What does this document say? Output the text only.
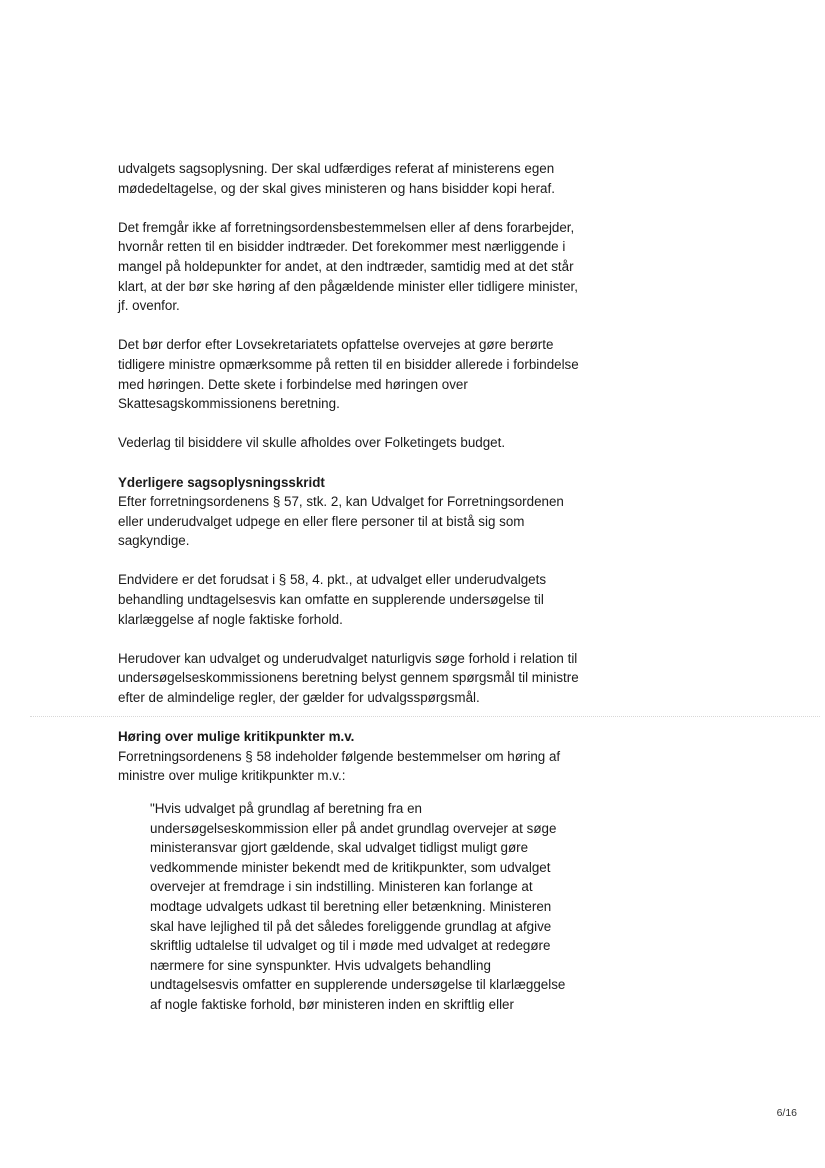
udvalgets sagsoplysning. Der skal udfærdiges referat af ministerens egen
mødedeltagelse, og der skal gives ministeren og hans bisidder kopi heraf.

Det fremgår ikke af forretningsordensbestemmelsen eller af dens forarbejder,
hvornår retten til en bisidder indtræder. Det forekommer mest nærliggende i
mangel på holdepunkter for andet, at den indtræder, samtidig med at det står
klart, at der bør ske høring af den pågældende minister eller tidligere minister,
jf. ovenfor.

Det bør derfor efter Lovsekretariatets opfattelse overvejes at gøre berørte
tidligere ministre opmærksomme på retten til en bisidder allerede i forbindelse
med høringen. Dette skete i forbindelse med høringen over
Skattesagskommissionens beretning.

Vederlag til bisiddere vil skulle afholdes over Folketingets budget.

Yderligere sagsoplysningsskridt

Efter forretningsordenens § 57, stk. 2, kan Udvalget for Forretningsordenen
eller underudvalget udpege en eller flere personer til at bistå sig som
sagkyndige.

Endvidere er det forudsat i § 58, 4. pkt., at udvalget eller underudvalgets
behandling undtagelsesvis kan omfatte en supplerende undersøgelse til
klarlæggelse af nogle faktiske forhold.

Herudover kan udvalget og underudvalget naturligvis søge forhold i relation til
undersøgelseskommissionens beretning belyst gennem spørgsmål til ministre
efter de almindelige regler, der gælder for udvalgsspørgsmål.

Høring over mulige kritikpunkter m.v.

Forretningsordenens § 58 indeholder følgende bestemmelser om høring af
ministre over mulige kritikpunkter m.v.:

"Hvis udvalget på grundlag af beretning fra en
undersøgelseskommission eller på andet grundlag overvejer at søge
ministeransvar gjort gældende, skal udvalget tidligst muligt gøre
vedkommende minister bekendt med de kritikpunkter, som udvalget
overvejer at fremdrage i sin indstilling. Ministeren kan forlange at
modtage udvalgets udkast til beretning eller betænkning. Ministeren
skal have lejlighed til på det således foreliggende grundlag at afgive
skriftlig udtalelse til udvalget og til i møde med udvalget at redegøre
nærmere for sine synspunkter. Hvis udvalgets behandling
undtagelsesvis omfatter en supplerende undersøgelse til klarlæggelse
af nogle faktiske forhold, bør ministeren inden en skriftlig eller
6/16
